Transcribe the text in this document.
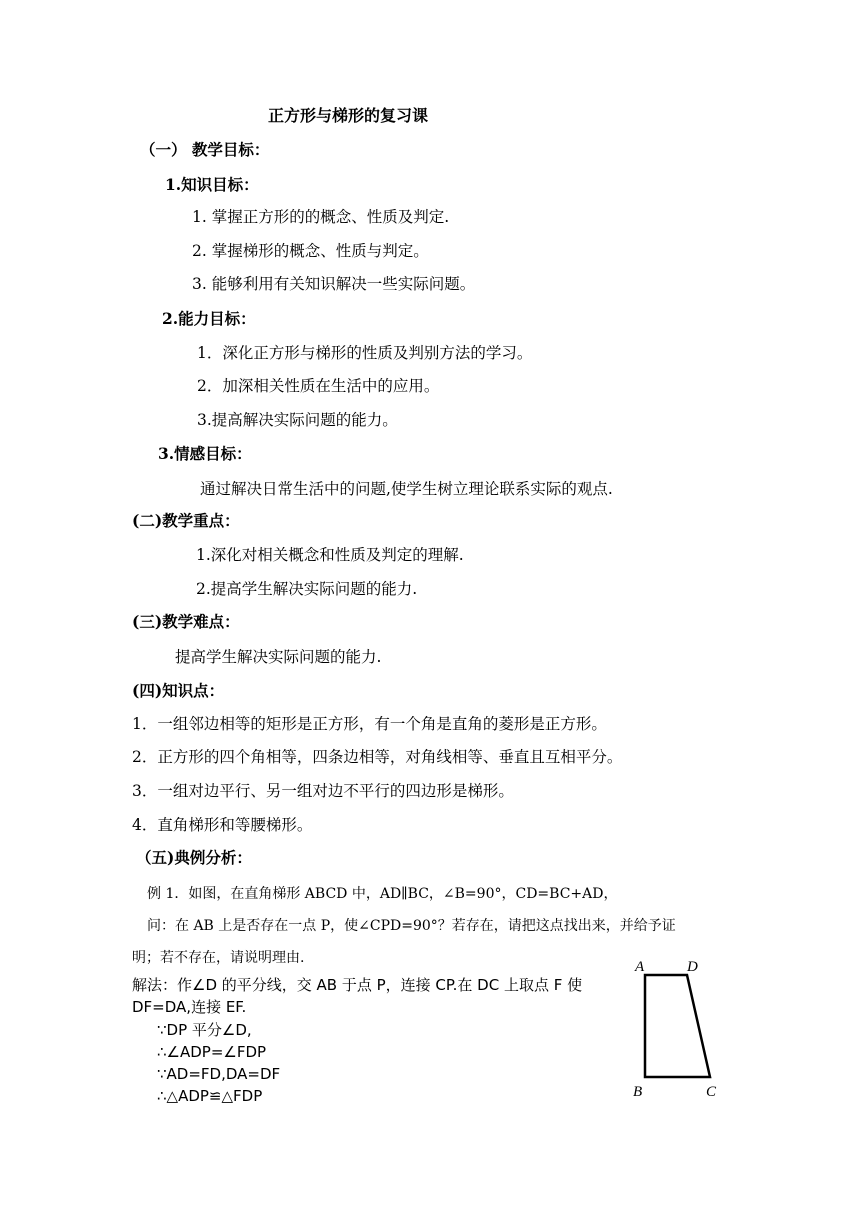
正方形与梯形的复习课
（一） 教学目标：
1.知识目标：
1. 掌握正方形的的概念、性质及判定.
2. 掌握梯形的概念、性质与判定。
3. 能够利用有关知识解决一些实际问题。
2.能力目标：
1．深化正方形与梯形的性质及判别方法的学习。
2．加深相关性质在生活中的应用。
3.提高解决实际问题的能力。
3.情感目标：
通过解决日常生活中的问题,使学生树立理论联系实际的观点.
(二)教学重点：
1.深化对相关概念和性质及判定的理解.
2.提高学生解决实际问题的能力.
(三)教学难点：
提高学生解决实际问题的能力.
(四)知识点：
1．一组邻边相等的矩形是正方形，有一个角是直角的菱形是正方形。
2．正方形的四个角相等，四条边相等，对角线相等、垂直且互相平分。
3．一组对边平行、另一组对边不平行的四边形是梯形。
4．直角梯形和等腰梯形。
（五)典例分析：
例 1．如图，在直角梯形 ABCD 中，AD∥BC，∠B=90°，CD=BC+AD，
问：在 AB 上是否存在一点 P，使∠CPD=90°？若存在，请把这点找出来，并给予证
明；若不存在，请说明理由.
解法：作∠D 的平分线，交 AB 于点 P，连接 CP.在 DC 上取点 F 使
DF=DA,连接 EF.
∵DP 平分∠D,
∴∠ADP=∠FDP
∵AD=FD,DA=DF
∴△ADP≌△FDP
A	D
B	C
